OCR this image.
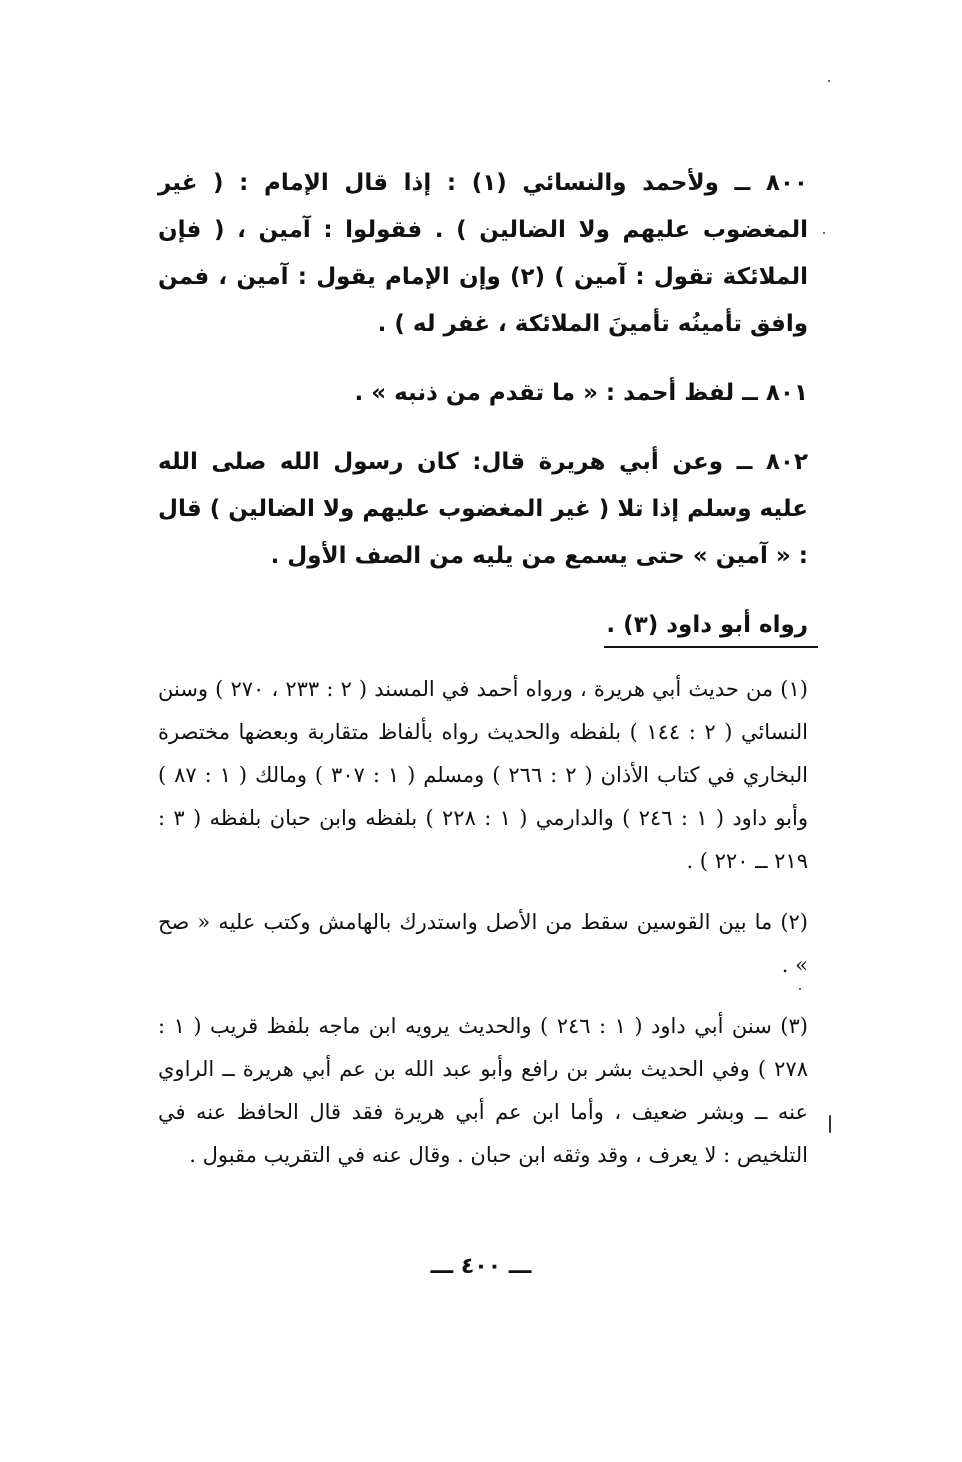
٨٠٠ ــ ولأحمد والنسائي (١) : إذا قال الإمام : ( غير المغضوب عليهم ولا الضالين ) . فقولوا : آمين ، ( فإن الملائكة تقول : آمين ) (٢) وإن الإمام يقول : آمين ، فمن وافق تأمينُه تأمينَ الملائكة ، غفر له ) .

٨٠١ ــ لفظ أحمد : « ما تقدم من ذنبه » .

٨٠٢ ــ وعن أبي هريرة قال: كان رسول الله صلى الله عليه وسلم إذا تلا ( غير المغضوب عليهم ولا الضالين ) قال : « آمين » حتى يسمع من يليه من الصف الأول .

رواه أبو داود (٣) .

(١) من حديث أبي هريرة ، ورواه أحمد في المسند ( ٢ : ٢٣٣ ، ٢٧٠ ) وسنن النسائي ( ٢ : ١٤٤ ) بلفظه والحديث رواه بألفاظ متقاربة وبعضها مختصرة البخاري في كتاب الأذان ( ٢ : ٢٦٦ ) ومسلم ( ١ : ٣٠٧ ) ومالك ( ١ : ٨٧ ) وأبو داود ( ١ : ٢٤٦ ) والدارمي ( ١ : ٢٢٨ ) بلفظه وابن حبان بلفظه ( ٣ : ٢١٩ ــ ٢٢٠ ) .

(٢) ما بين القوسين سقط من الأصل واستدرك بالهامش وكتب عليه « صح » .

(٣) سنن أبي داود ( ١ : ٢٤٦ ) والحديث يرويه ابن ماجه بلفظ قريب ( ١ : ٢٧٨ ) وفي الحديث بشر بن رافع وأبو عبد الله بن عم أبي هريرة ــ الراوي عنه ــ وبشر ضعيف ، وأما ابن عم أبي هريرة فقد قال الحافظ عنه في التلخيص : لا يعرف ، وقد وثقه ابن حبان . وقال عنه في التقريب مقبول .

ـــ ٤٠٠ ـــ
